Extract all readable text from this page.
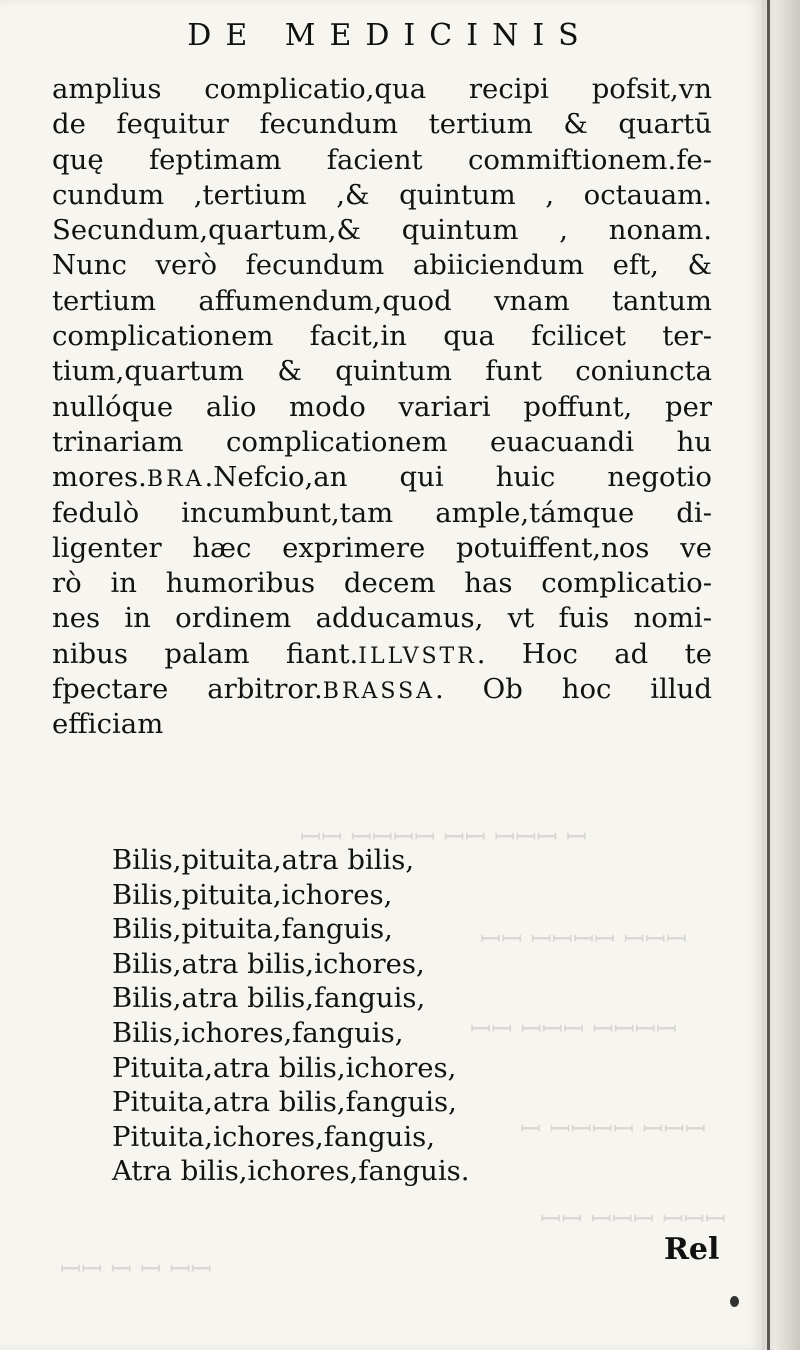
ꟷ ꟷꟷꟷ ꟷꟷ ꟷꟷꟷꟷ ꟷꟷ
ꟷꟷꟷ ꟷꟷꟷꟷ ꟷꟷ
ꟷꟷꟷꟷ ꟷꟷꟷ ꟷꟷ
ꟷꟷꟷ ꟷꟷꟷꟷ ꟷ
ꟷꟷꟷ ꟷꟷꟷ ꟷꟷ
ꟷꟷ ꟷ ꟷ ꟷꟷ
DE MEDICINIS
amplius complicatio,qua recipi pofsit,vn
de fequitur fecundum tertium & quartū
quę feptimam facient commiftionem.fe-
cundum ,tertium ,& quintum , octauam.
Secundum,quartum,& quintum , nonam.
Nunc verò fecundum abiiciendum eft, &
tertium affumendum,quod vnam tantum
complicationem facit,in qua fcilicet ter-
tium,quartum & quintum funt coniuncta
nullóque alio modo variari poffunt, per
trinariam complicationem euacuandi hu
mores.BRA.Nefcio,an qui huic negotio
fedulò incumbunt,tam ample,támque di-
ligenter hæc exprimere potuiffent,nos ve
rò in humoribus decem has complicatio-
nes in ordinem adducamus, vt fuis nomi-
nibus palam fiant.ILLVSTR. Hoc ad te
fpectare arbitror.BRASSA. Ob hoc illud
efficiam
Bilis,pituita,atra bilis,
Bilis,pituita,ichores,
Bilis,pituita,fanguis,
Bilis,atra bilis,ichores,
Bilis,atra bilis,fanguis,
Bilis,ichores,fanguis,
Pituita,atra bilis,ichores,
Pituita,atra bilis,fanguis,
Pituita,ichores,fanguis,
Atra bilis,ichores,fanguis.
Rel
